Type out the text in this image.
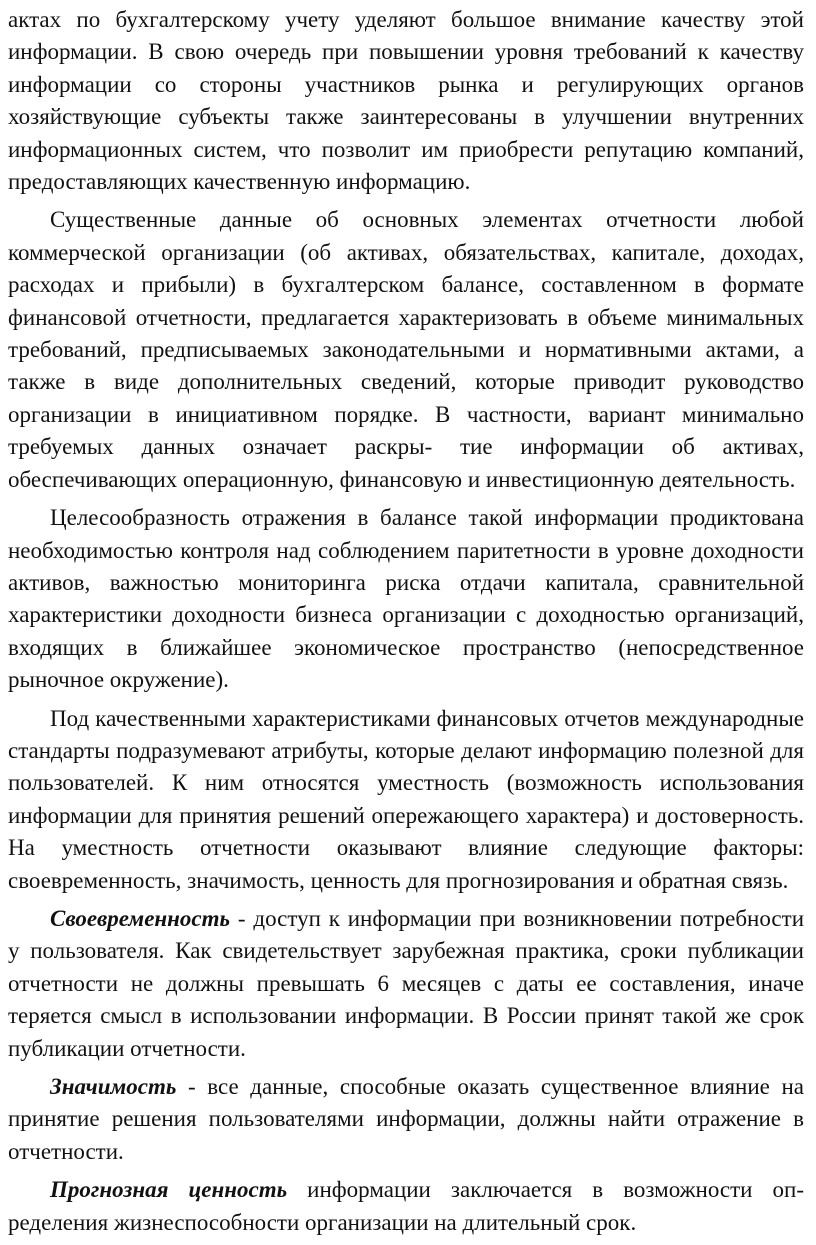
актах по бухгалтерскому учету уделяют большое внимание качеству этой информации. В свою очередь при повышении уровня требований к качеству информации со стороны участников рынка и регулирующих органов хозяйствующие субъекты также заинтересованы в улучшении внутренних информационных систем, что позволит им приобрести репутацию компаний, предоставляющих качественную информацию.

Существенные данные об основных элементах отчетности любой коммерческой организации (об активах, обязательствах, капитале, доходах, расходах и прибыли) в бухгалтерском балансе, составленном в формате финансовой отчетности, предлагается характеризовать в объеме минимальных требований, предписываемых законодательными и нормативными актами, а также в виде дополнительных сведений, которые приводит руководство организации в инициативном порядке. В частности, вариант минимально требуемых данных означает раскры- тие информации об активах, обеспечивающих операционную, финансовую и инвестиционную деятельность.

Целесообразность отражения в балансе такой информации продиктована необходимостью контроля над соблюдением паритетности в уровне доходности активов, важностью мониторинга риска отдачи капитала, сравнительной характеристики доходности бизнеса организации с доходностью организаций, входящих в ближайшее экономическое пространство (непосредственное рыночное окружение).

Под качественными характеристиками финансовых отчетов международные стандарты подразумевают атрибуты, которые делают информацию полезной для пользователей. К ним относятся уместность (возможность использования информации для принятия решений опережающего характера) и достоверность. На уместность отчетности оказывают влияние следующие факторы: своевременность, значимость, ценность для прогнозирования и обратная связь.

Своевременность - доступ к информации при возникновении потребности у пользователя. Как свидетельствует зарубежная практика, сроки публикации отчетности не должны превышать 6 месяцев с даты ее составления, иначе теряется смысл в использовании информации. В России принят такой же срок публикации отчетности.

Значимость - все данные, способные оказать существенное влияние на принятие решения пользователями информации, должны найти отражение в отчетности.

Прогнозная ценность информации заключается в возможности определения жизнеспособности организации на длительный срок.
